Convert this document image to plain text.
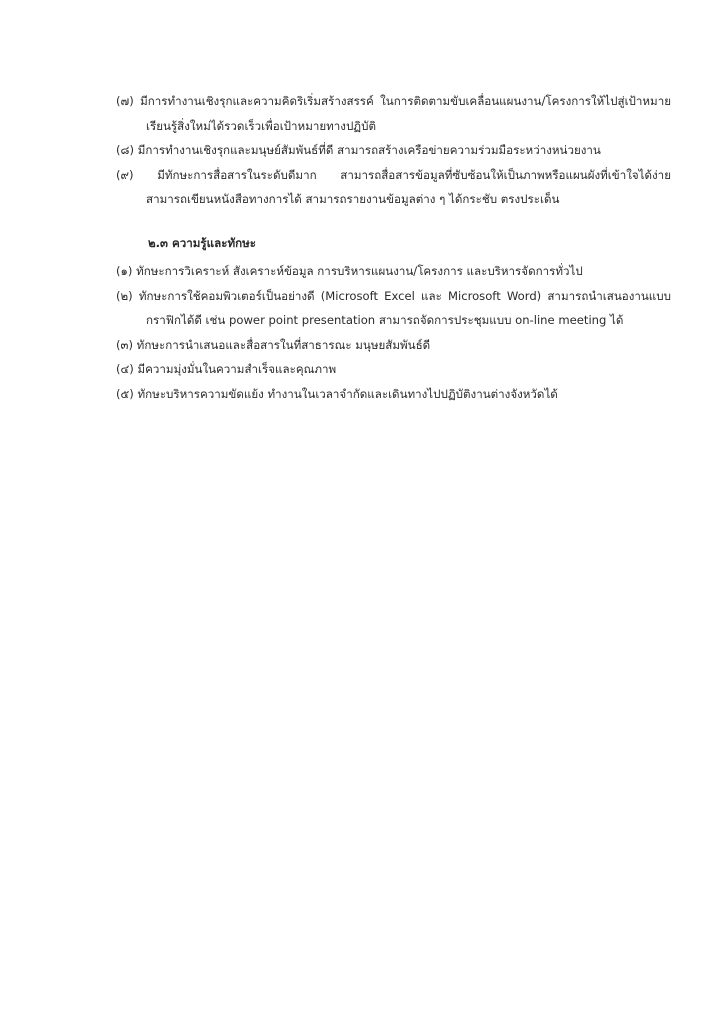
(๗) มีการทำงานเชิงรุกและความคิดริเริ่มสร้างสรรค์ ในการติดตามขับเคลื่อนแผนงาน/โครงการให้ไปสู่เป้าหมาย เรียนรู้สิ่งใหม่ได้รวดเร็วเพื่อเป้าหมายทางปฏิบัติ

(๘) มีการทำงานเชิงรุกและมนุษย์สัมพันธ์ที่ดี สามารถสร้างเครือข่ายความร่วมมือระหว่างหน่วยงาน

(๙) มีทักษะการสื่อสารในระดับดีมาก สามารถสื่อสารข้อมูลที่ซับซ้อนให้เป็นภาพหรือแผนผังที่เข้าใจได้ง่าย สามารถเขียนหนังสือทางการได้ สามารถรายงานข้อมูลต่าง ๆ ได้กระชับ ตรงประเด็น

๒.๓ ความรู้และทักษะ

(๑) ทักษะการวิเคราะห์ สังเคราะห์ข้อมูล การบริหารแผนงาน/โครงการ และบริหารจัดการทั่วไป

(๒) ทักษะการใช้คอมพิวเตอร์เป็นอย่างดี (Microsoft Excel และ Microsoft Word) สามารถนำเสนองานแบบกราฟิกได้ดี เช่น power point presentation สามารถจัดการประชุมแบบ on-line meeting ได้

(๓) ทักษะการนำเสนอและสื่อสารในที่สาธารณะ มนุษยสัมพันธ์ดี

(๔) มีความมุ่งมั่นในความสำเร็จและคุณภาพ

(๕) ทักษะบริหารความขัดแย้ง ทำงานในเวลาจำกัดและเดินทางไปปฏิบัติงานต่างจังหวัดได้
